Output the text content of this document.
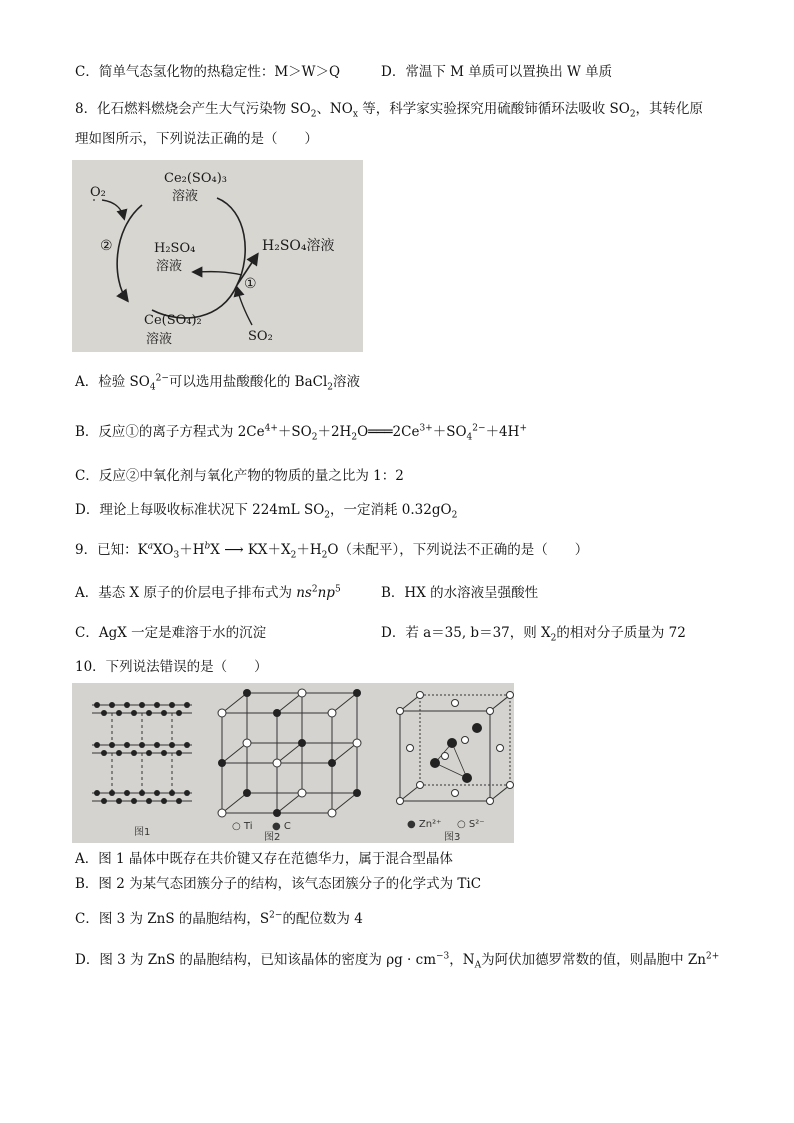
C．简单气态氢化物的热稳定性：M＞W＞Q	D．常温下 M 单质可以置换出 W 单质
8．化石燃料燃烧会产生大气污染物 $SO_2$、$NO_x$ 等，科学家实验探究用硫酸铈循环法吸收 $SO_2$，其转化原
理如图所示，下列说法正确的是（　　）
Ce₂(SO₄)₃
溶液
O₂
②	H₂SO₄
溶液
H₂SO₄溶液
①
Ce(SO₄)₂
溶液	SO₂
A．检验 $SO_4^{2-}$可以选用盐酸酸化的 BaCl$_2$溶液
B．反应①的离子方程式为 $2Ce^{4+}+SO_2+2H_2O═══2Ce^{3+}+SO_4^{2-}+4H^+$
C．反应②中氧化剂与氧化产物的物质的量之比为 1：2
D．理论上每吸收标准状况下 224mL $SO_2$，一定消耗 $0.32gO_2$
9．已知：$K^aXO_3+H^bX$ ⟶ $KX+X_2+H_2O$（未配平），下列说法不正确的是（　　）
A．基态 X 原子的价层电子排布式为 $ns^2np^5$	B．HX 的水溶液呈强酸性
C．AgX 一定是难溶于水的沉淀	D．若 a＝35, b＝37，则 $X_2$的相对分子质量为 72
10．下列说法错误的是（　　）
图1
○ Ti ● C
图2
● Zn²⁺ ○ S²⁻
图3
A．图 1 晶体中既存在共价键又存在范德华力，属于混合型晶体
B．图 2 为某气态团簇分子的结构，该气态团簇分子的化学式为 TiC
C．图 3 为 ZnS 的晶胞结构，$S^{2-}$的配位数为 4
D．图 3 为 ZnS 的晶胞结构，已知该晶体的密度为 $\rho g \cdot cm^{-3}$，$N_A$为阿伏加德罗常数的值，则晶胞中 $Zn^{2+}$
